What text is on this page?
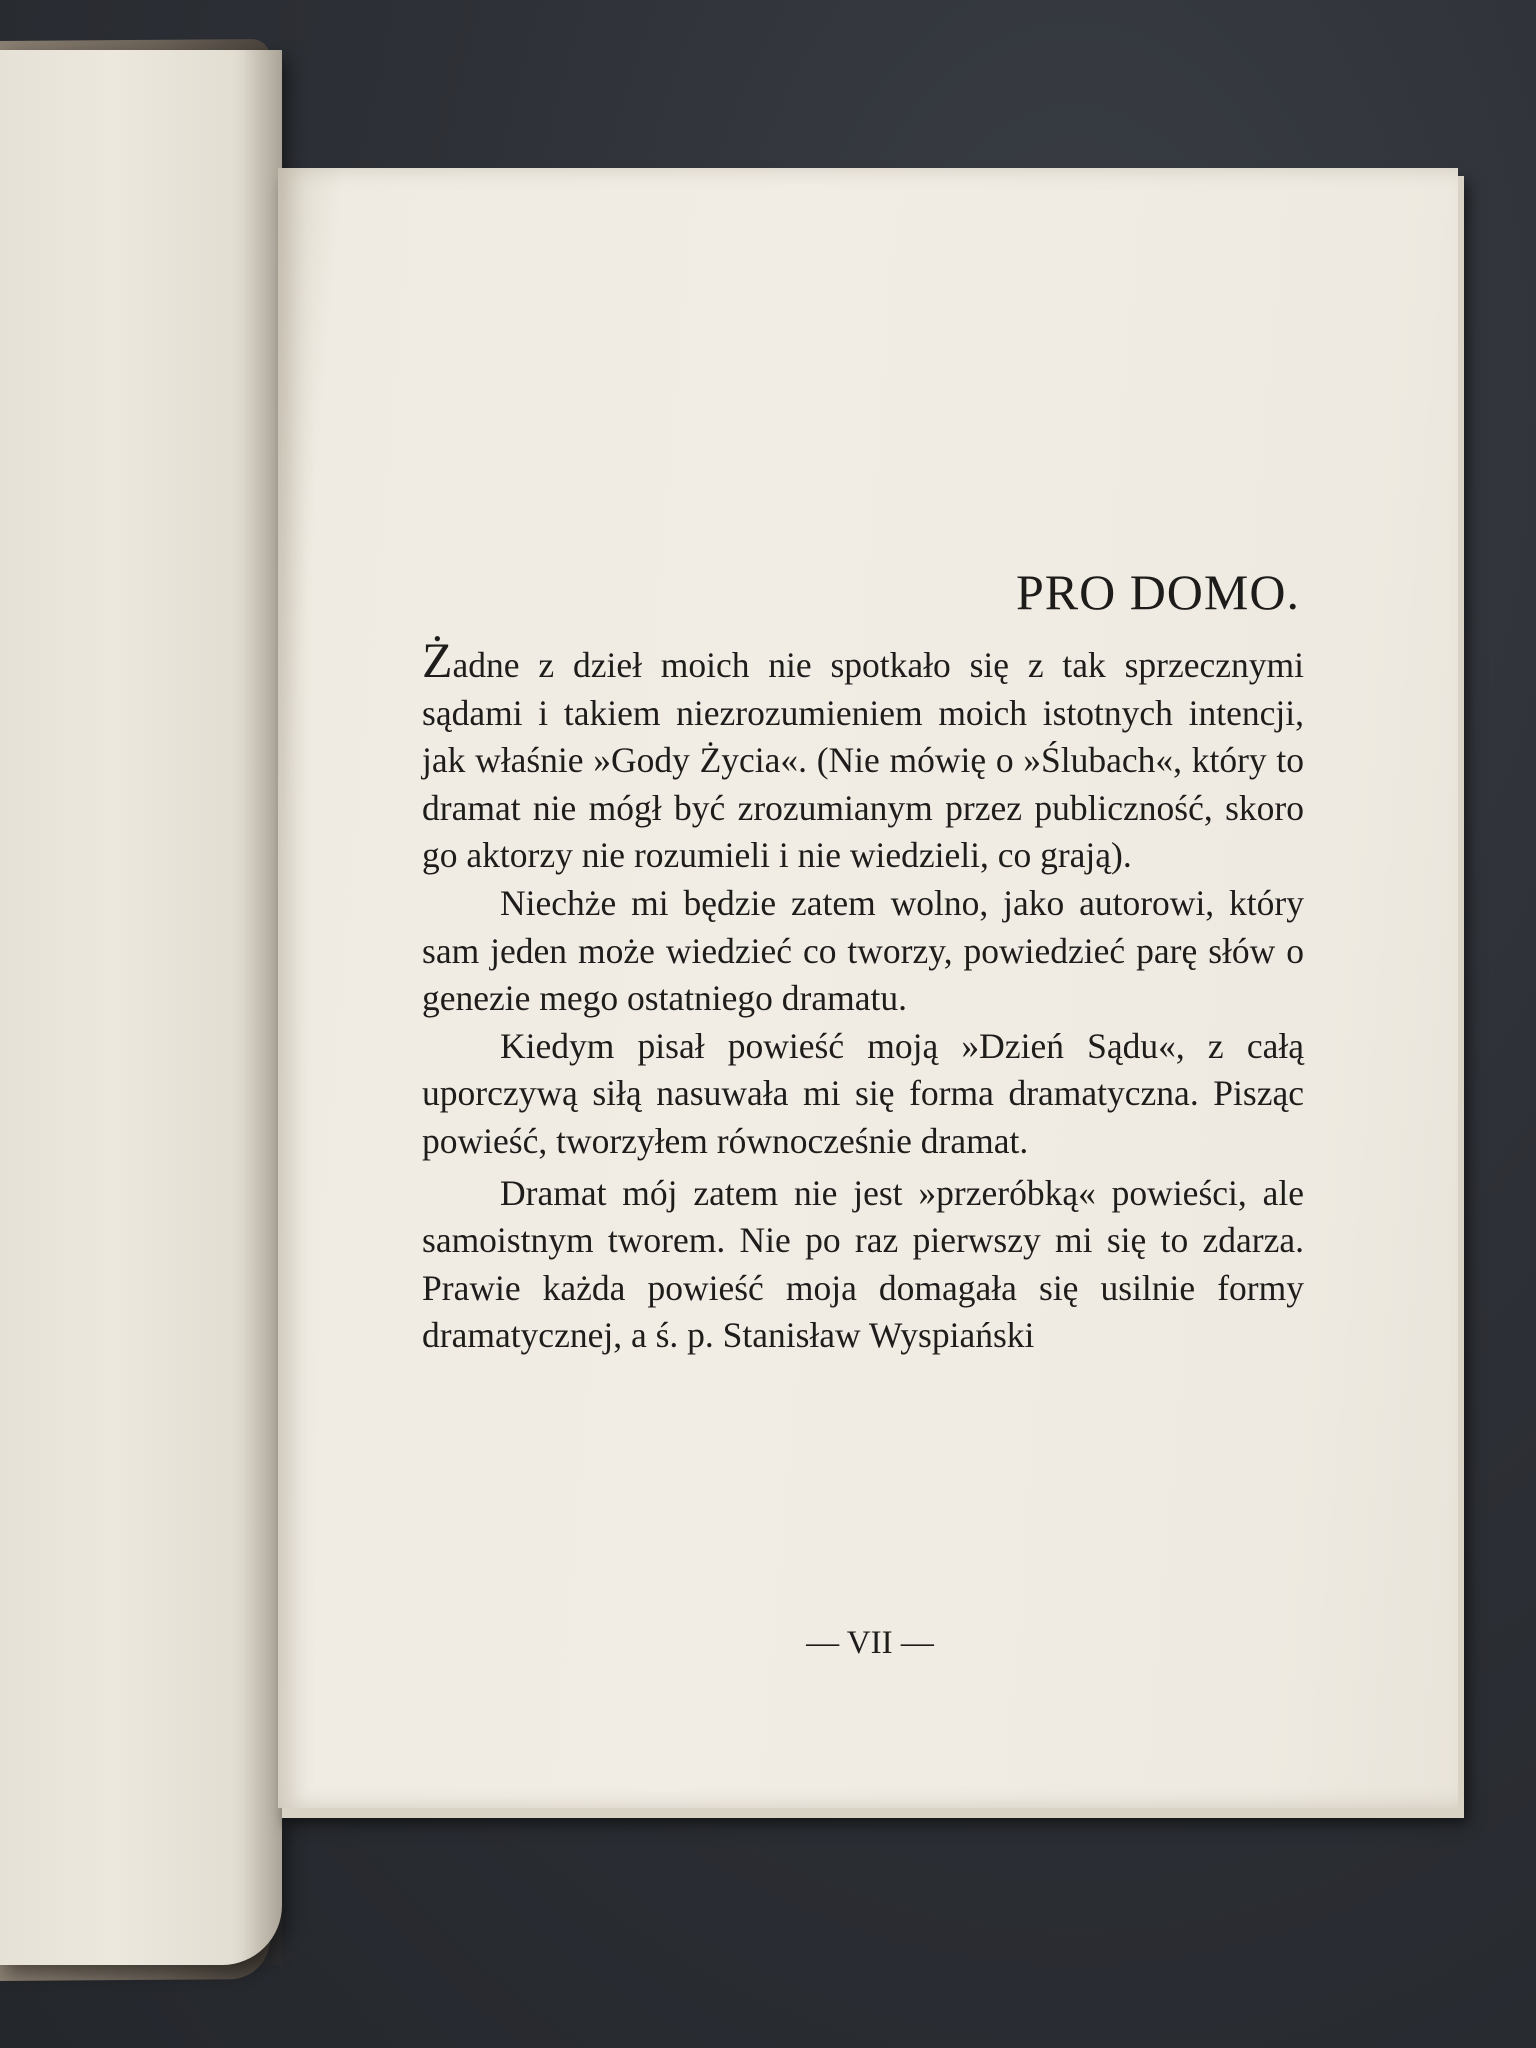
PRO DOMO.

Żadne z dzieł moich nie spotkało się z tak sprzecznymi sądami i takiem niezrozumieniem moich istotnych intencji, jak właśnie »Gody Życia«. (Nie mówię o »Ślubach«, który to dramat nie mógł być zrozumianym przez publiczność, skoro go aktorzy nie rozumieli i nie wiedzieli, co grają).

Niechże mi będzie zatem wolno, jako autorowi, który sam jeden może wiedzieć co tworzy, powiedzieć parę słów o genezie mego ostatniego dramatu.

Kiedym pisał powieść moją »Dzień Sądu«, z całą uporczywą siłą nasuwała mi się forma dramatyczna. Pisząc powieść, tworzyłem równocześnie dramat.

Dramat mój zatem nie jest »przeróbką« powieści, ale samoistnym tworem. Nie po raz pierwszy mi się to zdarza. Prawie każda powieść moja domagała się usilnie formy dramatycznej, a ś. p. Stanisław Wyspiański

— VII —
